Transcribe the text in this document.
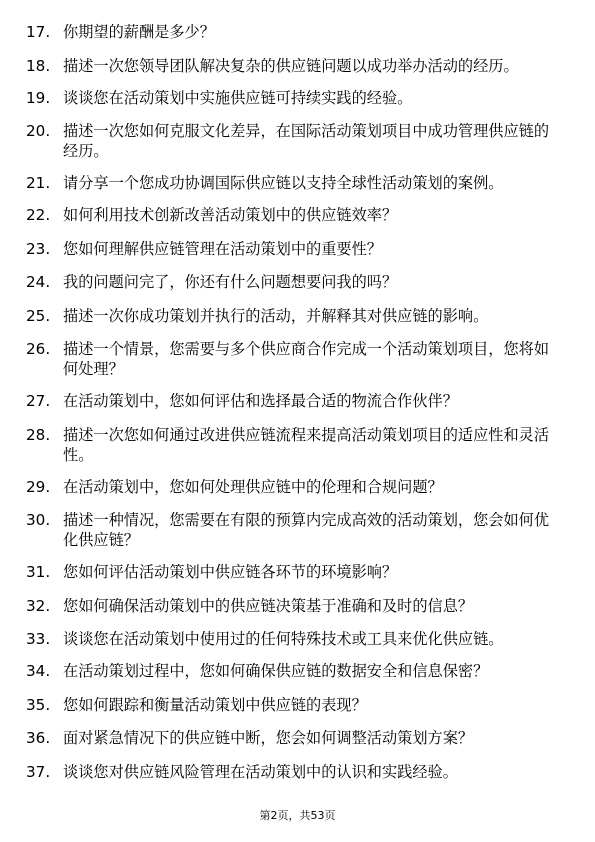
17. 你期望的薪酬是多少？
18. 描述一次您领导团队解决复杂的供应链问题以成功举办活动的经历。
19. 谈谈您在活动策划中实施供应链可持续实践的经验。
20. 描述一次您如何克服文化差异，在国际活动策划项目中成功管理供应链的经历。
21. 请分享一个您成功协调国际供应链以支持全球性活动策划的案例。
22. 如何利用技术创新改善活动策划中的供应链效率？
23. 您如何理解供应链管理在活动策划中的重要性？
24. 我的问题问完了，你还有什么问题想要问我的吗？
25. 描述一次你成功策划并执行的活动，并解释其对供应链的影响。
26. 描述一个情景，您需要与多个供应商合作完成一个活动策划项目，您将如何处理？
27. 在活动策划中，您如何评估和选择最合适的物流合作伙伴？
28. 描述一次您如何通过改进供应链流程来提高活动策划项目的适应性和灵活性。
29. 在活动策划中，您如何处理供应链中的伦理和合规问题？
30. 描述一种情况，您需要在有限的预算内完成高效的活动策划，您会如何优化供应链？
31. 您如何评估活动策划中供应链各环节的环境影响？
32. 您如何确保活动策划中的供应链决策基于准确和及时的信息？
33. 谈谈您在活动策划中使用过的任何特殊技术或工具来优化供应链。
34. 在活动策划过程中，您如何确保供应链的数据安全和信息保密？
35. 您如何跟踪和衡量活动策划中供应链的表现？
36. 面对紧急情况下的供应链中断，您会如何调整活动策划方案？
37. 谈谈您对供应链风险管理在活动策划中的认识和实践经验。
第2页，共53页
